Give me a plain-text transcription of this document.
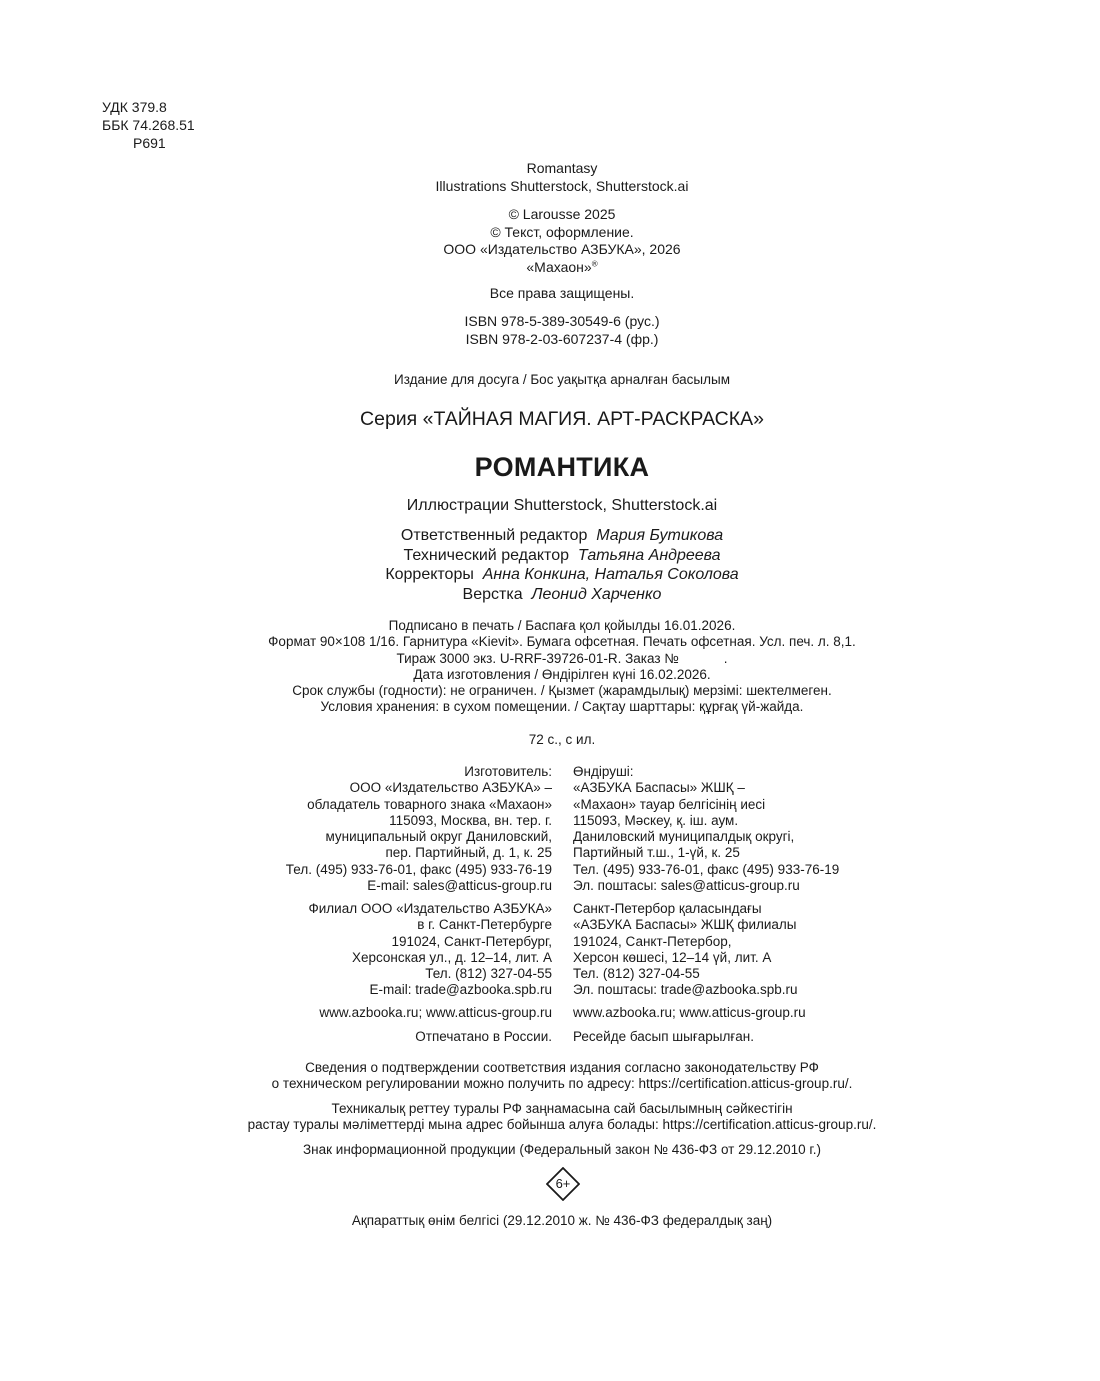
УДК 379.8
ББК 74.268.51
Р691
Romantasy
Illustrations Shutterstock, Shutterstock.ai
© Larousse 2025
© Текст, оформление.
ООО «Издательство АЗБУКА», 2026
«Махаон»®
Все права защищены.
ISBN 978-5-389-30549-6 (рус.)
ISBN 978-2-03-607237-4 (фр.)
Издание для досуга / Бос уақытқа арналған басылым
Серия «ТАЙНАЯ МАГИЯ. АРТ-РАСКРАСКА»
РОМАНТИКА
Иллюстрации Shutterstock, Shutterstock.ai
Ответственный редактор Мария Бутикова
Технический редактор Татьяна Андреева
Корректоры Анна Конкина, Наталья Соколова
Верстка Леонид Харченко
Подписано в печать / Баспаға қол қойылды 16.01.2026.
Формат 90×108 1/16. Гарнитура «Kievit». Бумага офсетная. Печать офсетная. Усл. печ. л. 8,1.
Тираж 3000 экз. U-RRF-39726-01-R. Заказ №            .
Дата изготовления / Өндірілген күні 16.02.2026.
Срок службы (годности): не ограничен. / Қызмет (жарамдылық) мерзімі: шектелмеген.
Условия хранения: в сухом помещении. / Сақтау шарттары: құрғақ үй-жайда.
72 с., с ил.
Изготовитель:
ООО «Издательство АЗБУКА» –
обладатель товарного знака «Махаон»
115093, Москва, вн. тер. г.
муниципальный округ Даниловский,
пер. Партийный, д. 1, к. 25
Тел. (495) 933-76-01, факс (495) 933-76-19
E-mail: sales@atticus-group.ru
Өндіруші:
«АЗБУКА Баспасы» ЖШҚ –
«Махаон» тауар белгісінің иесі
115093, Мәскеу, қ. іш. аум.
Даниловский муниципалдық округі,
Партийный т.ш., 1-үй, к. 25
Тел. (495) 933-76-01, факс (495) 933-76-19
Эл. поштасы: sales@atticus-group.ru
Филиал ООО «Издательство АЗБУКА»
в г. Санкт-Петербурге
191024, Санкт-Петербург,
Херсонская ул., д. 12–14, лит. А
Тел. (812) 327-04-55
E-mail: trade@azbooka.spb.ru
Санкт-Петербор қаласындағы
«АЗБУКА Баспасы» ЖШҚ филиалы
191024, Санкт-Петербор,
Херсон көшесі, 12–14 үй, лит. А
Тел. (812) 327-04-55
Эл. поштасы: trade@azbooka.spb.ru
www.azbooka.ru; www.atticus-group.ru www.azbooka.ru; www.atticus-group.ru
Отпечатано в России. Ресейде басып шығарылған.
Сведения о подтверждении соответствия издания согласно законодательству РФ
о техническом регулировании можно получить по адресу: https://certification.atticus-group.ru/.
Техникалық реттеу туралы РФ заңнамасына сай басылымның сәйкестігін
растау туралы мәліметтерді мына адрес бойынша алуға болады: https://certification.atticus-group.ru/.
Знак информационной продукции (Федеральный закон № 436-ФЗ от 29.12.2010 г.)
6+
Ақпараттық өнім белгісі (29.12.2010 ж. № 436-ФЗ федералдық заң)
